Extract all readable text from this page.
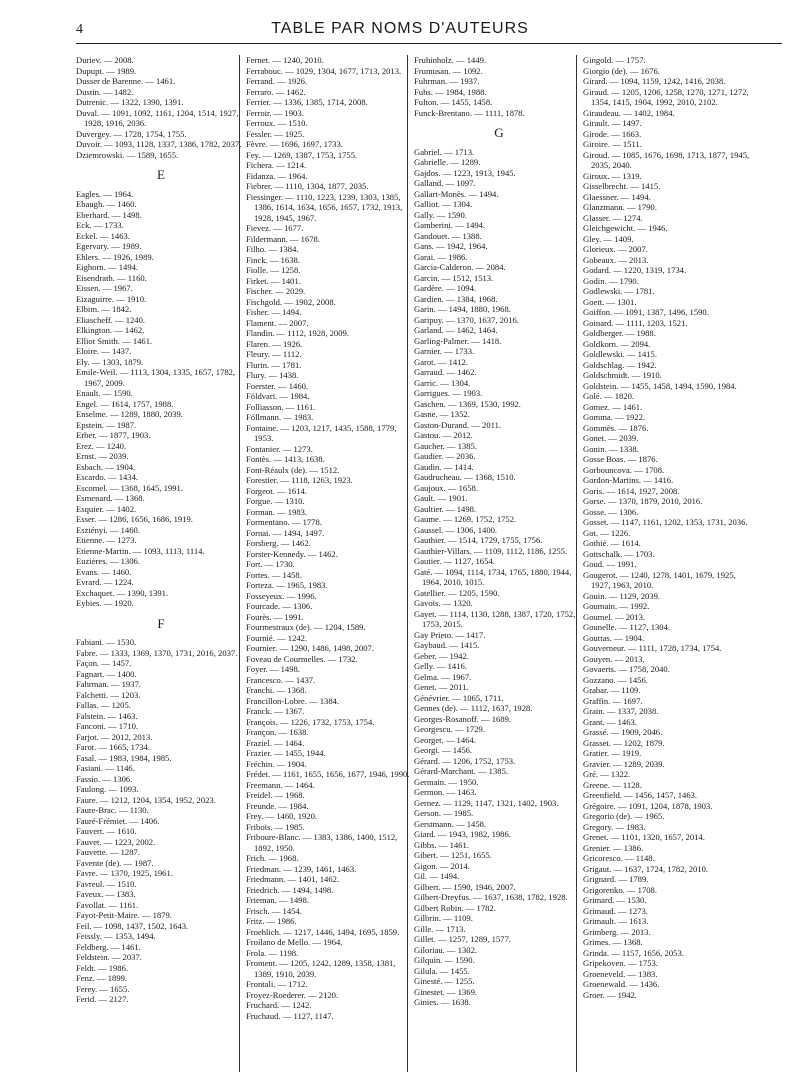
4	TABLE PAR NOMS D'AUTEURS
Duriev. — 2008.
Dupupt. — 1989.
Dusser de Barenne. — 1461.
Dustin. — 1482.
Dutrenic. — 1322, 1390, 1391.
Duval. — 1091, 1092, 1161, 1204, 1514, 1927, 1928, 1916, 2036.
Duvergey. — 1728, 1754, 1755.
Duvoir. — 1093, 1128, 1337, 1386, 1782, 2037.
Dziemrowski. — 1589, 1655.
E
Eagles. — 1964.
Ebaugh. — 1460.
Eberhard. — 1498.
Eck. — 1733.
Eckel. — 1463.
Egervary. — 1989.
Ehlers. — 1926, 1989.
Eighorn. — 1494.
Eisendrath. — 1160.
Eissen. — 1967.
Eizaguirre. — 1910.
Elbim. — 1842.
Eliascheff. — 1240.
Elkington. — 1462.
Elliot Smith. — 1461.
Eloire. — 1437.
Ely. — 1303, 1879.
Emile-Weil. — 1113, 1304, 1335, 1657, 1782, 1967, 2009.
Enault. — 1590.
Engel. — 1614, 1757, 1988.
Enselme. — 1289, 1880, 2039.
Epstein. — 1987.
Erber. — 1877, 1903.
Erez. — 1240.
Ernst. — 2039.
Esbach. — 1904.
Escardo. — 1434.
Escomel. — 1368, 1645, 1991.
Esmenard. — 1368.
Esquier. — 1402.
Esser. — 1286, 1656, 1686, 1919.
Esztényi. — 1460.
Etienne. — 1273.
Etienne-Martin. — 1093, 1113, 1114.
Euzières. — 1306.
Evans. — 1460.
Evrard. — 1224.
Exchaquet. — 1390, 1391.
Eybies. — 1920.
F
Fabiani. — 1530.
Fabre. — 1333, 1369, 1370, 1731, 2016, 2037.
Façon. — 1457.
Fagnart. — 1400.
Fahrman. — 1937.
Falchetti. — 1203.
Fallas. — 1205.
Falstein. — 1463.
Fanconi. — 1710.
Farjot. — 2012, 2013.
Farot. — 1665, 1734.
Fasal. — 1983, 1984, 1985.
Fasiani. — 1146.
Fassio. — 1306.
Faulong. — 1093.
Faure. — 1212, 1204, 1354, 1952, 2023.
Faure-Brac. — 1130.
Fauré-Frémiet. — 1406.
Fauvert. — 1610.
Fauvet. — 1223, 2002.
Fauvette. — 1287.
Favente (de). — 1987.
Favre. — 1370, 1925, 1961.
Favreul. — 1510.
Faveux. — 1383.
Favollat. — 1161.
Fayot-Petit-Maire. — 1879.
Feil. — 1098, 1437, 1502, 1643.
Feissly. — 1353, 1494.
Feldberg. — 1461.
Feldstein. — 2037.
Feldt. — 1986.
Fenz. — 1899.
Ferey. — 1655.
Ferid. — 2127.
Fernet. — 1240, 2010.
Ferrabouc. — 1029, 1304, 1677, 1713, 2013.
Ferrand. — 1926.
Ferraro. — 1462.
Ferrier. — 1336, 1385, 1714, 2008.
Ferroir. — 1903.
Ferroux. — 1510.
Fessler. — 1925.
Fèvre. — 1696, 1697, 1733.
Fey. — 1269, 1387, 1753, 1755.
Fichera. — 1214.
Fidanza. — 1964.
Fiebrer. — 1110, 1304, 1877, 2035.
Fiessinger. — 1110, 1223, 1239, 1303, 1385, 1386, 1614, 1634, 1656, 1657, 1732, 1913, 1928, 1945, 1967.
Fievez. — 1677.
Fildermann. — 1678.
Filho. — 1384.
Finck. — 1638.
Fiolle. — 1258.
Firket. — 1401.
Fischer. — 2029.
Fischgold. — 1902, 2008.
Fisher. — 1494.
Flament. — 2007.
Flandin. — 1112, 1928, 2009.
Flaren. — 1926.
Fleury. — 1112.
Flurin. — 1781.
Flury. — 1438.
Foerster. — 1460.
Földvari. — 1984.
Folliasson. — 1161.
Föllmann. — 1983.
Fontaine. — 1203, 1217, 1435, 1588, 1779, 1953.
Fontanier. — 1273.
Fontès. — 1413, 1638.
Font-Réaulx (de). — 1512.
Forestier. — 1118, 1263, 1923.
Forgeot. — 1614.
Forgue. — 1310.
Forman. — 1983.
Formentano. — 1778.
Fornai. — 1494, 1497.
Forsberg. — 1462.
Forster-Kennedy. — 1462.
Fort. — 1730.
Fortes. — 1458.
Forteza. — 1965, 1983.
Fosseyeux. — 1996.
Fourcade. — 1306.
Fourès. — 1991.
Fourmestraux (de). — 1204, 1589.
Fournié. — 1242.
Fournier. — 1290, 1486, 1498, 2007.
Foveau de Courmelles. — 1732.
Foyer. — 1498.
Francesco. — 1437.
Franchi. — 1368.
Francillon-Lobre. — 1384.
Franck. — 1367.
François. — 1226, 1732, 1753, 1754.
Françon. — 1638.
Fraziel. — 1464.
Frazier. — 1455, 1944.
Fréchin. — 1904.
Frédet. — 1161, 1655, 1656, 1677, 1946, 1990.
Freemann. — 1464.
Freidel. — 1968.
Freunde. — 1984.
Frey. — 1460, 1920.
Fribois. — 1985.
Friboure-Blanc. — 1383, 1386, 1400, 1512, 1892, 1950.
Frich. — 1968.
Friedman. — 1239, 1461, 1463.
Friedmann. — 1401, 1462.
Friedrich. — 1494, 1498.
Frieman. — 1498.
Frisch. — 1454.
Fritz. — 1986.
Froehlich. — 1217, 1446, 1494, 1695, 1859.
Froilano de Mello. — 1964.
Frola. — 1198.
Froment. — 1205, 1242, 1289, 1358, 1381, 1389, 1910, 2039.
Frontali. — 1712.
Froyez-Roederer. — 2120.
Fruchard. — 1242.
Fruchaud. — 1127, 1147.
Fruhinholz. — 1449.
Frumusan. — 1092.
Fuhrman. — 1937.
Fuhs. — 1984, 1988.
Fulton. — 1455, 1458.
Funck-Brentano. — 1111, 1878.
G
Gabriel. — 1713.
Gabrielle. — 1289.
Gajdos. — 1223, 1913, 1945.
Galland. — 1097.
Gallart-Monès. — 1494.
Galliot. — 1304.
Gally. — 1590.
Gamberini. — 1494.
Gandouet. — 1388.
Gans. — 1942, 1964.
Garai. — 1986.
Garcia-Calderon. — 2084.
Garcin. — 1512, 1513.
Gardère. — 1094.
Gardien. — 1384, 1968.
Garin. — 1494, 1880, 1968.
Garipuy. — 1370, 1637, 2016.
Garland. — 1462, 1464.
Garling-Palmer. — 1418.
Garnier. — 1733.
Garot. — 1412.
Garraud. — 1462.
Garric. — 1304.
Garrigues. — 1903.
Gaschen. — 1369, 1530, 1992.
Gasne. — 1352.
Gaston-Durand. — 2011.
Gastou. — 2012.
Gaucher. — 1385.
Gaudier. — 2036.
Gaudin. — 1414.
Gaudrucheau. — 1368, 1510.
Gaujoux. — 1658.
Gault. — 1901.
Gaultier. — 1498.
Gaume. — 1269, 1752, 1752.
Gaussel. — 1306, 1400.
Gauthier. — 1514, 1729, 1755, 1756.
Gauthier-Villars. — 1109, 1112, 1186, 1255.
Gautier. — 1127, 1654.
Gaté. — 1094, 1114, 1734, 1765, 1880, 1944, 1964, 2010, 1015.
Gatellier. — 1205, 1590.
Gavois. — 1320.
Gayet. — 1114, 1130, 1288, 1387, 1720, 1752, 1753, 2015.
Gay Prieto. — 1417.
Gaybaud. — 1415.
Geber. — 1942.
Gelly. — 1416.
Gelma. — 1967.
Genet. — 2011.
Génévrier. — 1065, 1711.
Gennes (de). — 1112, 1637, 1928.
Georges-Rosanoff. — 1689.
Georgescu. — 1729.
Georget. — 1464.
Georgi. — 1456.
Gérard. — 1206, 1752, 1753.
Gérard-Marchant. — 1385.
Germain. — 1950.
Germon. — 1463.
Gernez. — 1129, 1147, 1321, 1402, 1903.
Gerson. — 1985.
Gerstmann. — 1458.
Giard. — 1943, 1982, 1986.
Gibbs. — 1461.
Gibert. — 1251, 1655.
Gigon. — 2014.
Gil. — 1494.
Gilbert. — 1590, 1946, 2007.
Gilbert-Dreyfus. — 1637, 1638, 1782, 1928.
Gilbert Robin. — 1782.
Gilbrin. — 1109.
Gille. — 1713.
Gillet. — 1257, 1289, 1577.
Giloriau. — 1302.
Gilquin. — 1590.
Gilula. — 1455.
Ginesté. — 1255.
Ginestet. — 1369.
Ginies. — 1638.
Gingold. — 1757.
Giorgio (de). — 1676.
Girard. — 1094, 1159, 1242, 1416, 2038.
Giraud. — 1205, 1206, 1258, 1270, 1271, 1272, 1354, 1415, 1904, 1992, 2010, 2102.
Giraudeau. — 1402, 1984.
Girault. — 1497.
Girode. — 1663.
Giroire. — 1511.
Giroud. — 1085, 1676, 1698, 1713, 1877, 1945, 2035, 2040.
Giroux. — 1319.
Gisselbrecht. — 1415.
Glaessner. — 1494.
Glanzmann. — 1790.
Glasser. — 1274.
Gleichgewicht. — 1946.
Gley. — 1409.
Glorieux. — 2007.
Gobeaux. — 2013.
Godard. — 1220, 1319, 1734.
Godin. — 1790.
Godlewski. — 1781.
Goett. — 1301.
Goiffon. — 1091, 1387, 1496, 1590.
Goinard. — 1111, 1203, 1521.
Goldberger. — 1988.
Goldkorn. — 2094.
Goldlewski. — 1415.
Goldschlag. — 1942.
Goldschmidt. — 1910.
Goldstein. — 1455, 1458, 1494, 1590, 1984.
Golé. — 1820.
Gomez. — 1461.
Gomma. — 1922.
Gommès. — 1876.
Gonet. — 2039.
Gonin. — 1338.
Gosse Boas. — 1876.
Gorbouncova. — 1708.
Gordon-Martins. — 1416.
Goris. — 1614, 1927, 2008.
Gorse. — 1370, 1879, 2010, 2016.
Gosse. — 1306.
Gosset. — 1147, 1161, 1202, 1353, 1731, 2036.
Got. — 1226.
Gothié. — 1614.
Gottschalk. — 1703.
Goud. — 1991.
Gougerot. — 1240, 1278, 1401, 1679, 1925, 1927, 1963, 2010.
Gouin. — 1129, 2039.
Goumain. — 1992.
Goumel. — 2013.
Gounelle. — 1127, 1304.
Gouttas. — 1904.
Gouverneur. — 1111, 1728, 1734, 1754.
Gouyen. — 2013.
Govaerts. — 1758, 2040.
Gozzano. — 1456.
Grabar. — 1109.
Graffin. — 1697.
Grain. — 1337, 2038.
Grant. — 1463.
Grassé. — 1909, 2046.
Grasset. — 1202, 1879.
Gratier. — 1919.
Gravier. — 1289, 2039.
Gré. — 1322.
Greene. — 1128.
Greenfield. — 1456, 1457, 1463.
Grégoire. — 1091, 1204, 1878, 1903.
Gregorio (de). — 1965.
Gregory. — 1983.
Grenet. — 1101, 1320, 1657, 2014.
Grenier. — 1386.
Gricoresco. — 1148.
Grigaut. — 1637, 1724, 1782, 2010.
Grignard. — 1789.
Grigorenko. — 1708.
Grimard. — 1530.
Grimaud. — 1273.
Grimault. — 1613.
Grimberg. — 2013.
Grimes. — 1368.
Grinda. — 1157, 1656, 2053.
Gripekoven. — 1753.
Groeneveld. — 1383.
Groenewald. — 1436.
Groer. — 1942.
